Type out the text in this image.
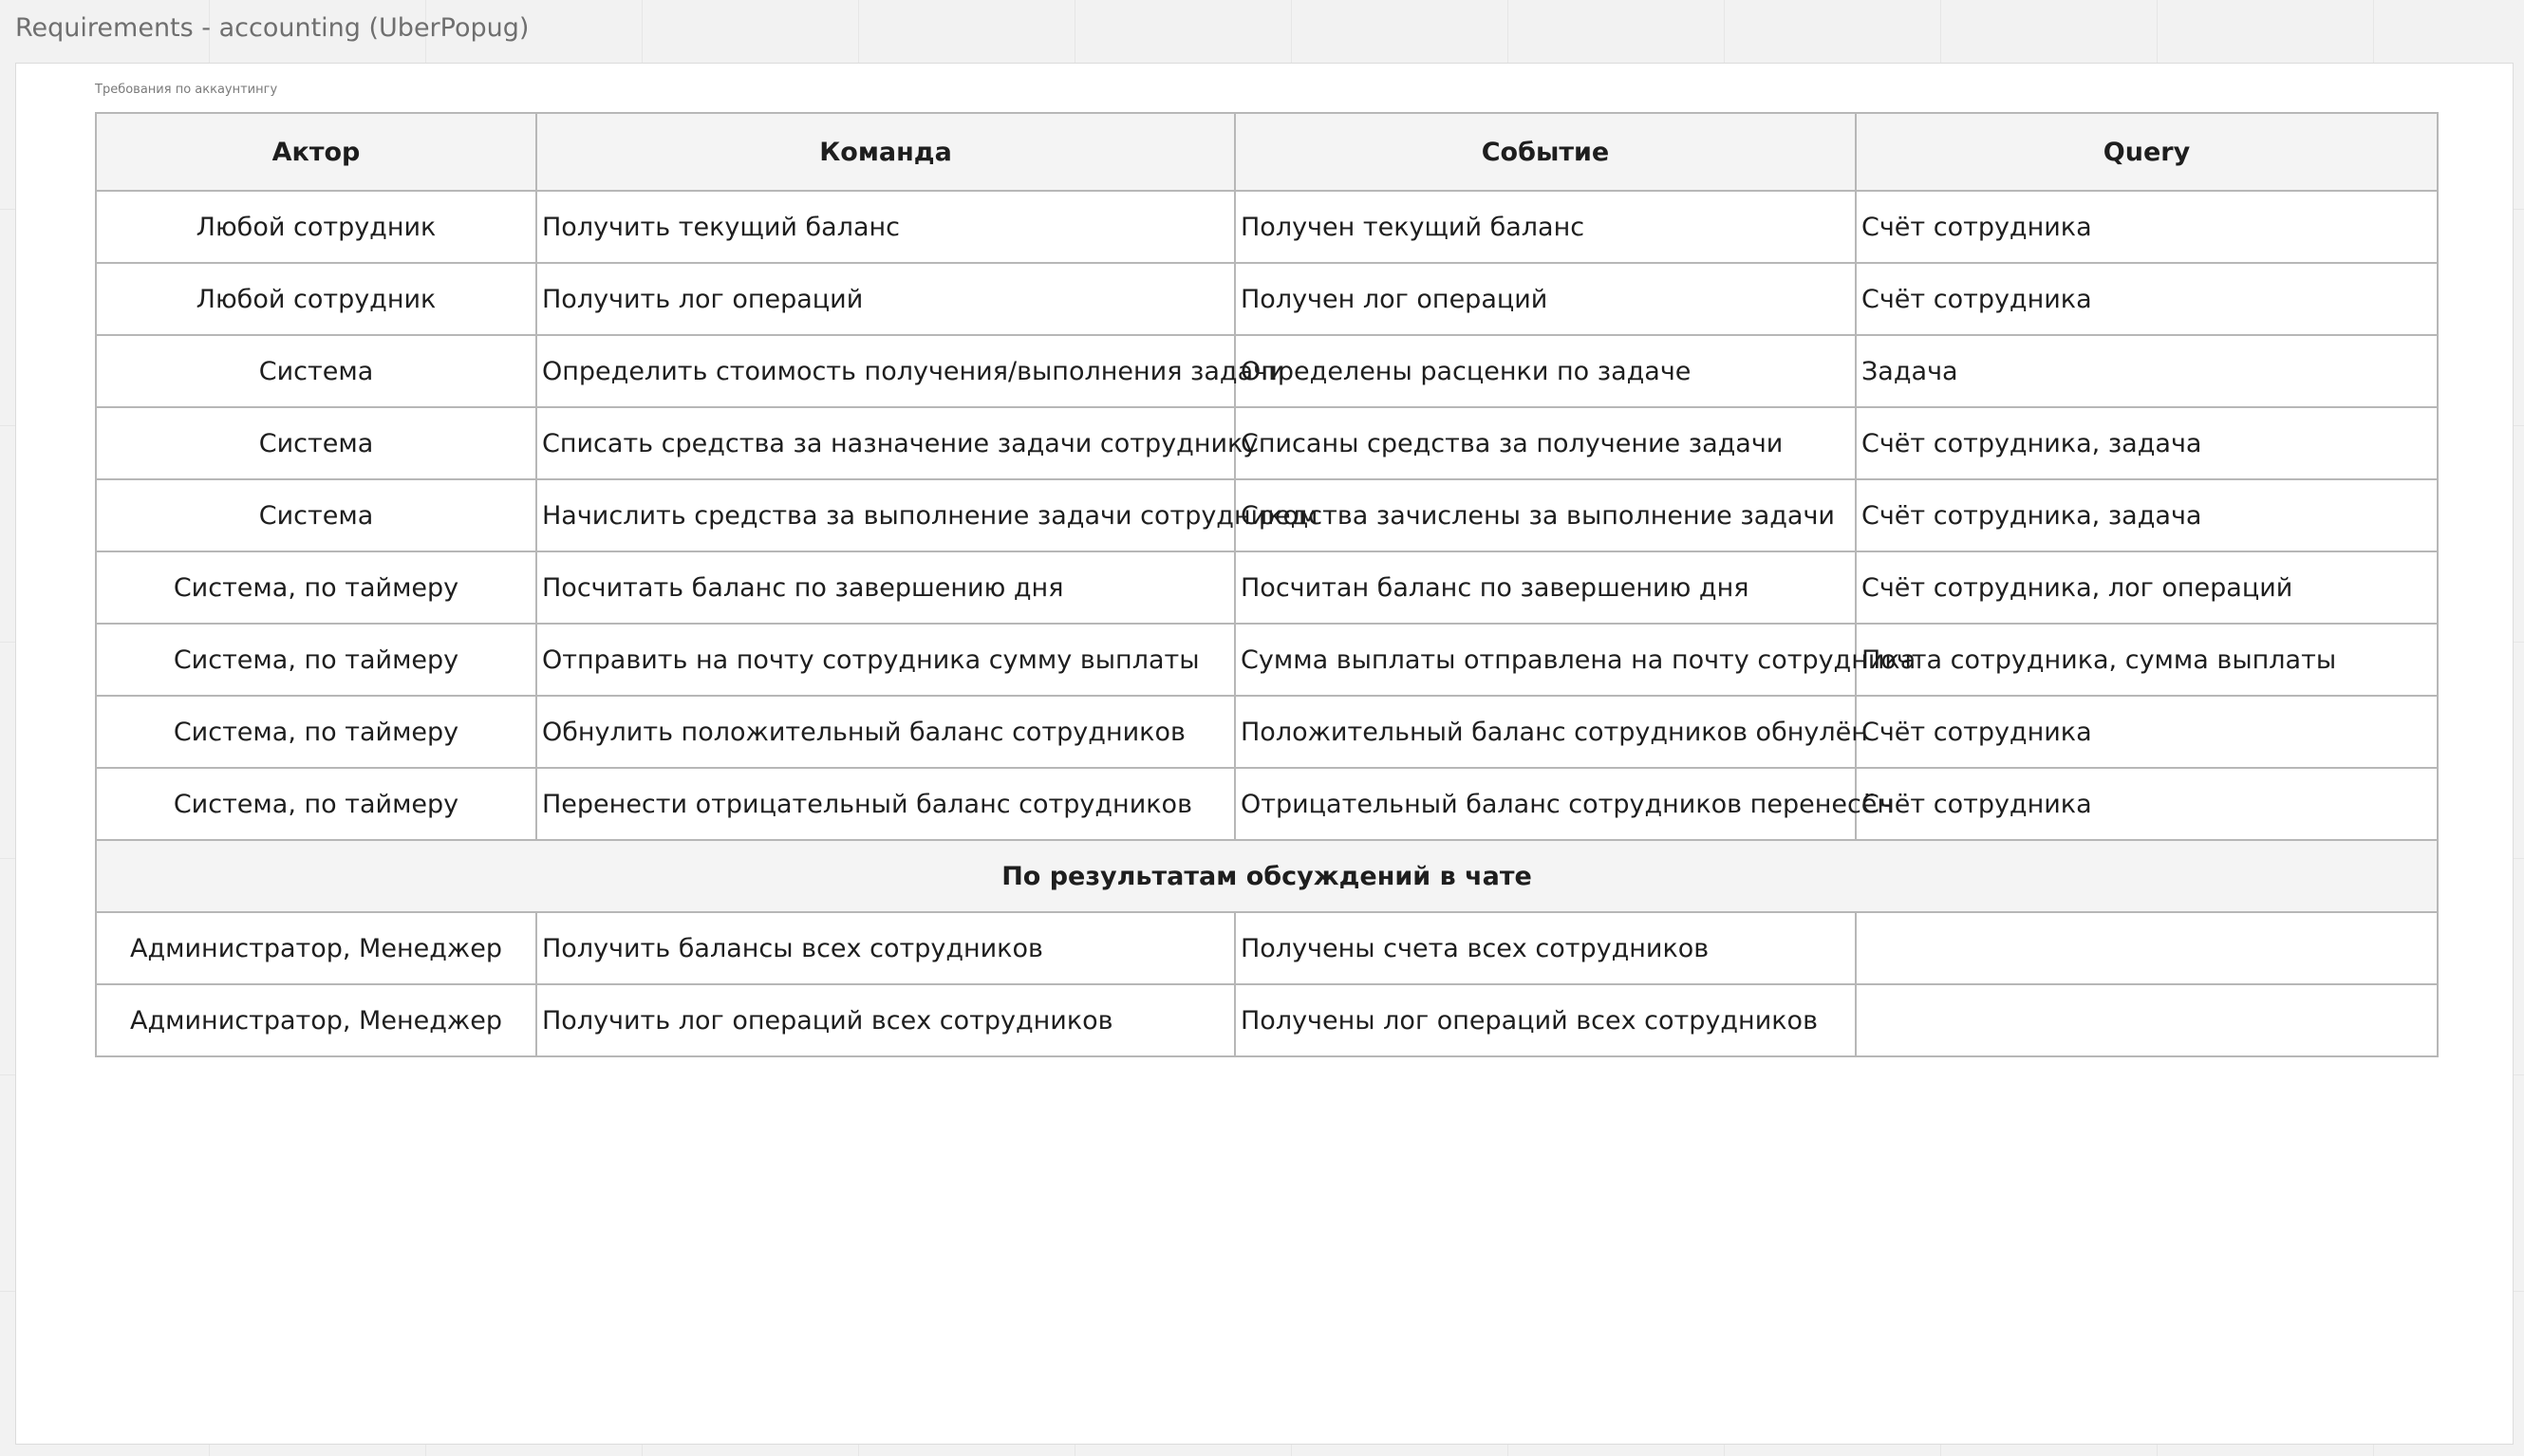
Requirements - accounting (UberPopug)
Требования по аккаунтингу
Актор	Команда	Событие	Query
Любой сотрудник	Получить текущий баланс	Получен текущий баланс	Счёт сотрудника
Любой сотрудник	Получить лог операций	Получен лог операций	Счёт сотрудника
Система	Определить стоимость получения/выполнения задачи	Определены расценки по задаче	Задача
Система	Списать средства за назначение задачи сотруднику	Списаны средства за получение задачи	Счёт сотрудника, задача
Система	Начислить средства за выполнение задачи сотрудником	Средства зачислены за выполнение задачи	Счёт сотрудника, задача
Система, по таймеру	Посчитать баланс по завершению дня	Посчитан баланс по завершению дня	Счёт сотрудника, лог операций
Система, по таймеру	Отправить на почту сотрудника сумму выплаты	Сумма выплаты отправлена на почту сотрудника	Почта сотрудника, сумма выплаты
Система, по таймеру	Обнулить положительный баланс сотрудников	Положительный баланс сотрудников обнулён	Счёт сотрудника
Система, по таймеру	Перенести отрицательный баланс сотрудников	Отрицательный баланс сотрудников перенесён	Счёт сотрудника
По результатам обсуждений в чате			
Администратор, Менеджер	Получить балансы всех сотрудников	Получены счета всех сотрудников	
Администратор, Менеджер	Получить лог операций всех сотрудников	Получены лог операций всех сотрудников	
